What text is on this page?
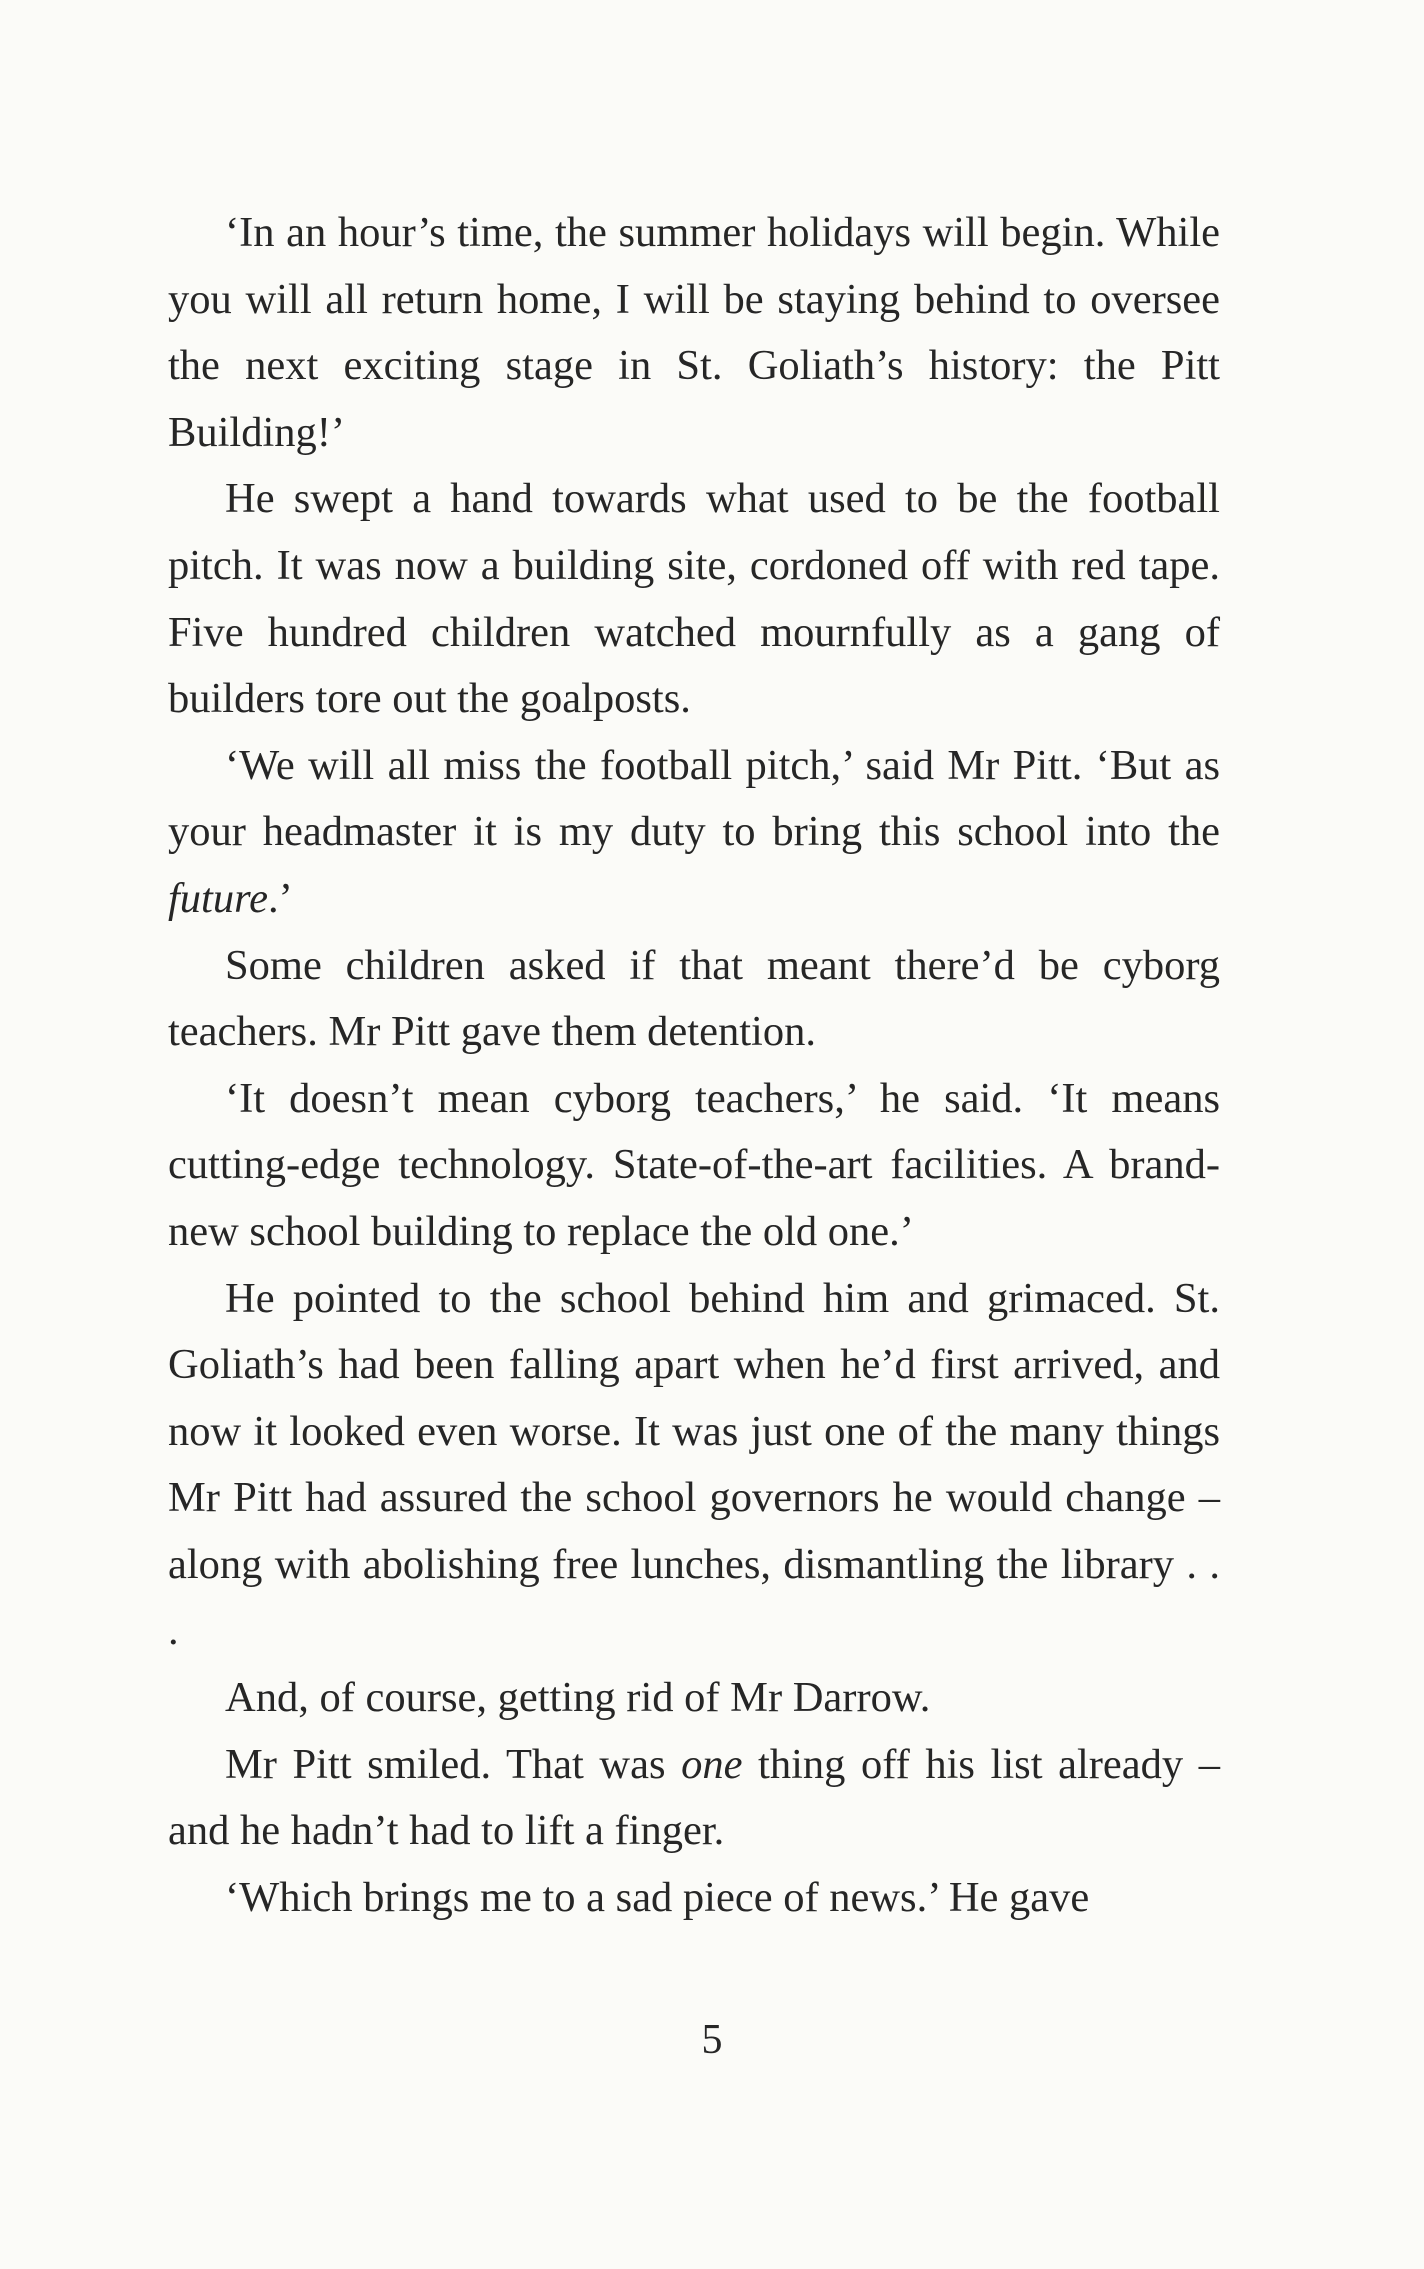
‘In an hour’s time, the summer holidays will begin. While you will all return home, I will be staying behind to oversee the next exciting stage in St. Goliath’s history: the Pitt Building!’

He swept a hand towards what used to be the football pitch. It was now a building site, cordoned off with red tape. Five hundred children watched mournfully as a gang of builders tore out the goalposts.

‘We will all miss the football pitch,’ said Mr Pitt. ‘But as your headmaster it is my duty to bring this school into the future.’

Some children asked if that meant there’d be cyborg teachers. Mr Pitt gave them detention.

‘It doesn’t mean cyborg teachers,’ he said. ‘It means cutting-edge technology. State-of-the-art facilities. A brand-new school building to replace the old one.’

He pointed to the school behind him and grimaced. St. Goliath’s had been falling apart when he’d first arrived, and now it looked even worse. It was just one of the many things Mr Pitt had assured the school governors he would change – along with abolishing free lunches, dismantling the library . . .

And, of course, getting rid of Mr Darrow.

Mr Pitt smiled. That was one thing off his list already – and he hadn’t had to lift a finger.

‘Which brings me to a sad piece of news.’ He gave

5
